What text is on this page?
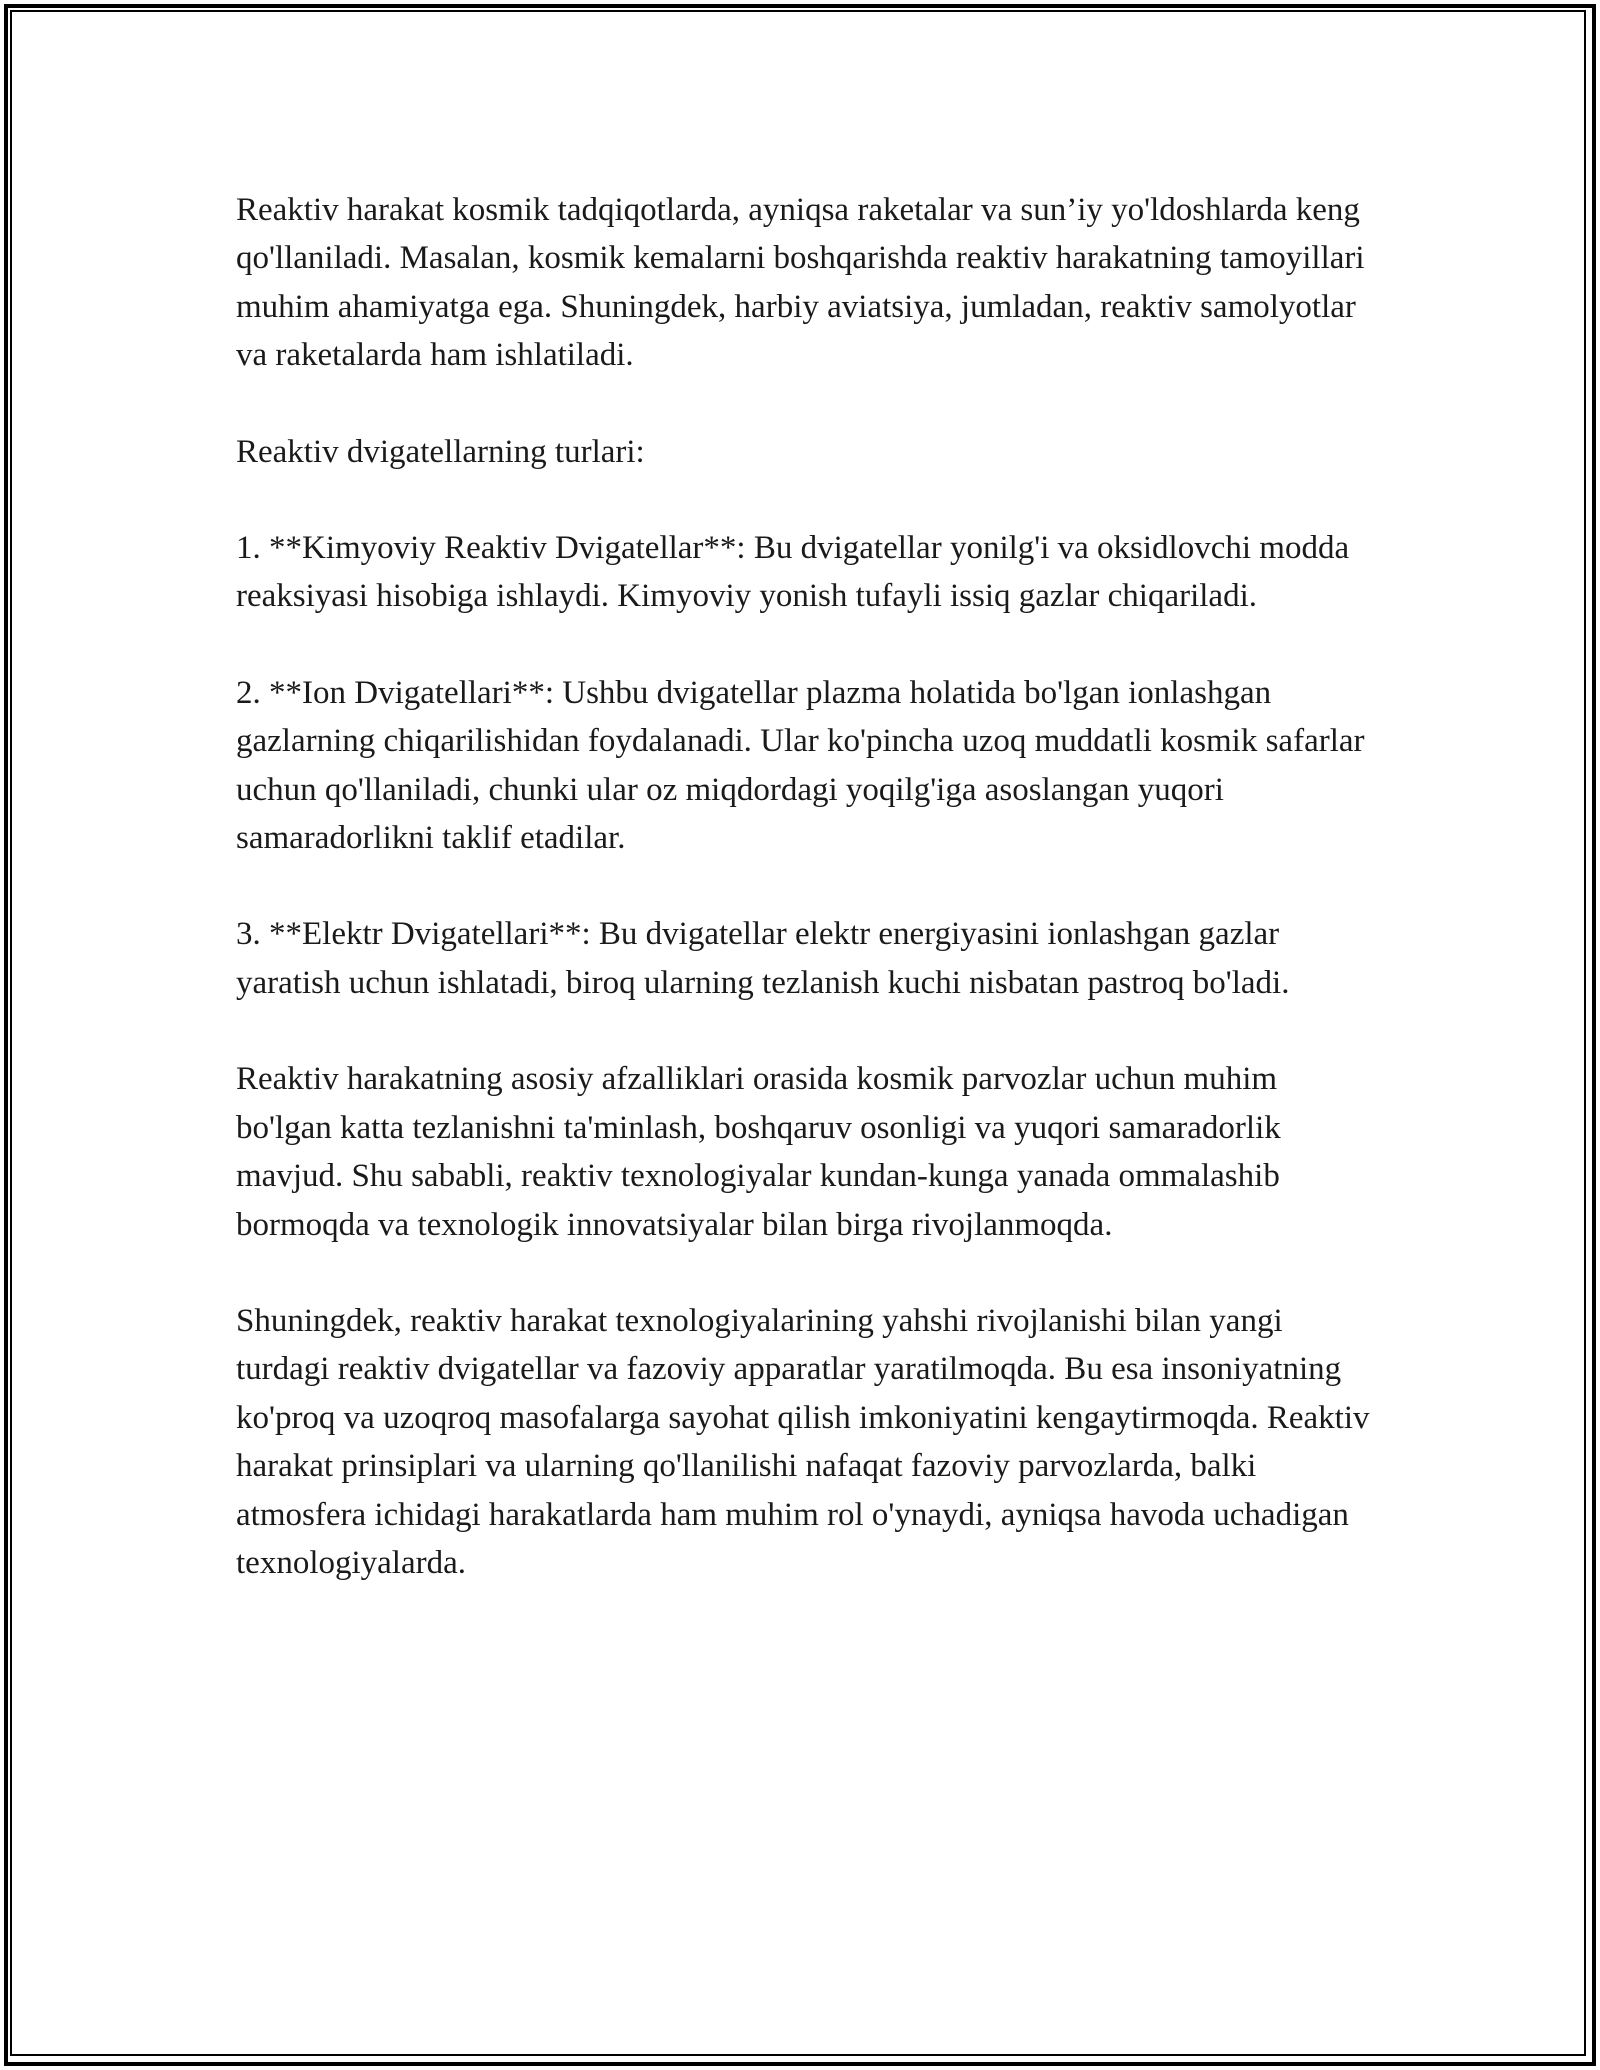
Reaktiv harakat kosmik tadqiqotlarda, ayniqsa raketalar va sun’iy yo'ldoshlarda keng qo'llaniladi. Masalan, kosmik kemalarni boshqarishda reaktiv harakatning tamoyillari muhim ahamiyatga ega. Shuningdek, harbiy aviatsiya, jumladan, reaktiv samolyotlar va raketalarda ham ishlatiladi.

Reaktiv dvigatellarning turlari:

1. **Kimyoviy Reaktiv Dvigatellar**: Bu dvigatellar yonilg'i va oksidlovchi modda reaksiyasi hisobiga ishlaydi. Kimyoviy yonish tufayli issiq gazlar chiqariladi.

2. **Ion Dvigatellari**: Ushbu dvigatellar plazma holatida bo'lgan ionlashgan gazlarning chiqarilishidan foydalanadi. Ular ko'pincha uzoq muddatli kosmik safarlar uchun qo'llaniladi, chunki ular oz miqdordagi yoqilg'iga asoslangan yuqori samaradorlikni taklif etadilar.

3. **Elektr Dvigatellari**: Bu dvigatellar elektr energiyasini ionlashgan gazlar yaratish uchun ishlatadi, biroq ularning tezlanish kuchi nisbatan pastroq bo'ladi.

Reaktiv harakatning asosiy afzalliklari orasida kosmik parvozlar uchun muhim bo'lgan katta tezlanishni ta'minlash, boshqaruv osonligi va yuqori samaradorlik mavjud. Shu sababli, reaktiv texnologiyalar kundan-kunga yanada ommalashib bormoqda va texnologik innovatsiyalar bilan birga rivojlanmoqda.

Shuningdek, reaktiv harakat texnologiyalarining yahshi rivojlanishi bilan yangi turdagi reaktiv dvigatellar va fazoviy apparatlar yaratilmoqda. Bu esa insoniyatning ko'proq va uzoqroq masofalarga sayohat qilish imkoniyatini kengaytirmoqda. Reaktiv harakat prinsiplari va ularning qo'llanilishi nafaqat fazoviy parvozlarda, balki atmosfera ichidagi harakatlarda ham muhim rol o'ynaydi, ayniqsa havoda uchadigan texnologiyalarda.
